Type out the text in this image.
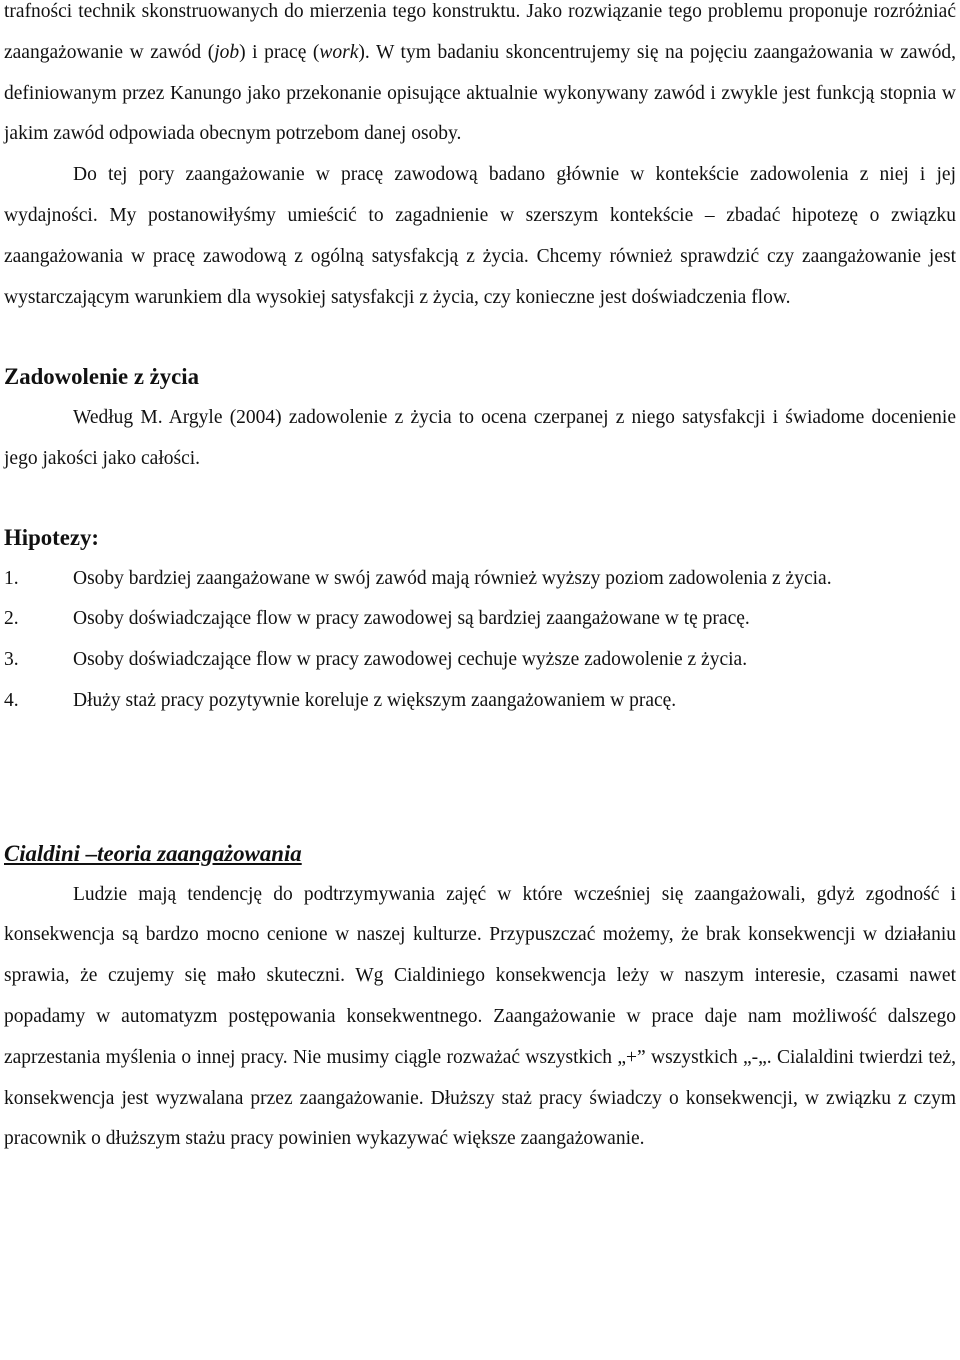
trafności technik skonstruowanych do mierzenia tego konstruktu. Jako rozwiązanie tego problemu proponuje rozróżniać zaangażowanie w zawód (job) i pracę (work). W tym badaniu skoncentrujemy się na pojęciu zaangażowania w zawód, definiowanym przez Kanungo jako przekonanie opisujące aktualnie wykonywany zawód i zwykle jest funkcją stopnia w jakim zawód odpowiada obecnym potrzebom danej osoby.

Do tej pory zaangażowanie w pracę zawodową badano głównie w kontekście zadowolenia z niej i jej wydajności. My postanowiłyśmy umieścić to zagadnienie w szerszym kontekście – zbadać hipotezę o związku zaangażowania w pracę zawodową z ogólną satysfakcją z życia. Chcemy również sprawdzić czy zaangażowanie jest wystarczającym warunkiem dla wysokiej satysfakcji z życia, czy konieczne jest doświadczenia flow.

Zadowolenie z życia

Według M. Argyle (2004) zadowolenie z życia to ocena czerpanej z niego satysfakcji i świadome docenienie jego jakości jako całości.

Hipotezy:
1.	Osoby bardziej zaangażowane w swój zawód mają również wyższy poziom zadowolenia z życia.
2.	Osoby doświadczające flow w pracy zawodowej są bardziej zaangażowane w tę pracę.
3.	Osoby doświadczające flow w pracy zawodowej cechuje wyższe zadowolenie z życia.
4.	Dłuży staż pracy pozytywnie koreluje z większym zaangażowaniem w pracę.
Cialdini –teoria zaangażowania

Ludzie mają tendencję do podtrzymywania zajęć w które wcześniej się zaangażowali, gdyż zgodność i konsekwencja są bardzo mocno cenione w naszej kulturze. Przypuszczać możemy, że brak konsekwencji w działaniu sprawia, że czujemy się mało skuteczni. Wg Cialdiniego konsekwencja leży w naszym interesie, czasami nawet popadamy w automatyzm postępowania konsekwentnego. Zaangażowanie w prace daje nam możliwość dalszego zaprzestania myślenia o innej pracy. Nie musimy ciągle rozważać wszystkich „+” wszystkich „-„. Cialaldini twierdzi też, konsekwencja jest wyzwalana przez zaangażowanie. Dłuższy staż pracy świadczy o konsekwencji, w związku z czym pracownik o dłuższym stażu pracy powinien wykazywać większe zaangażowanie.
